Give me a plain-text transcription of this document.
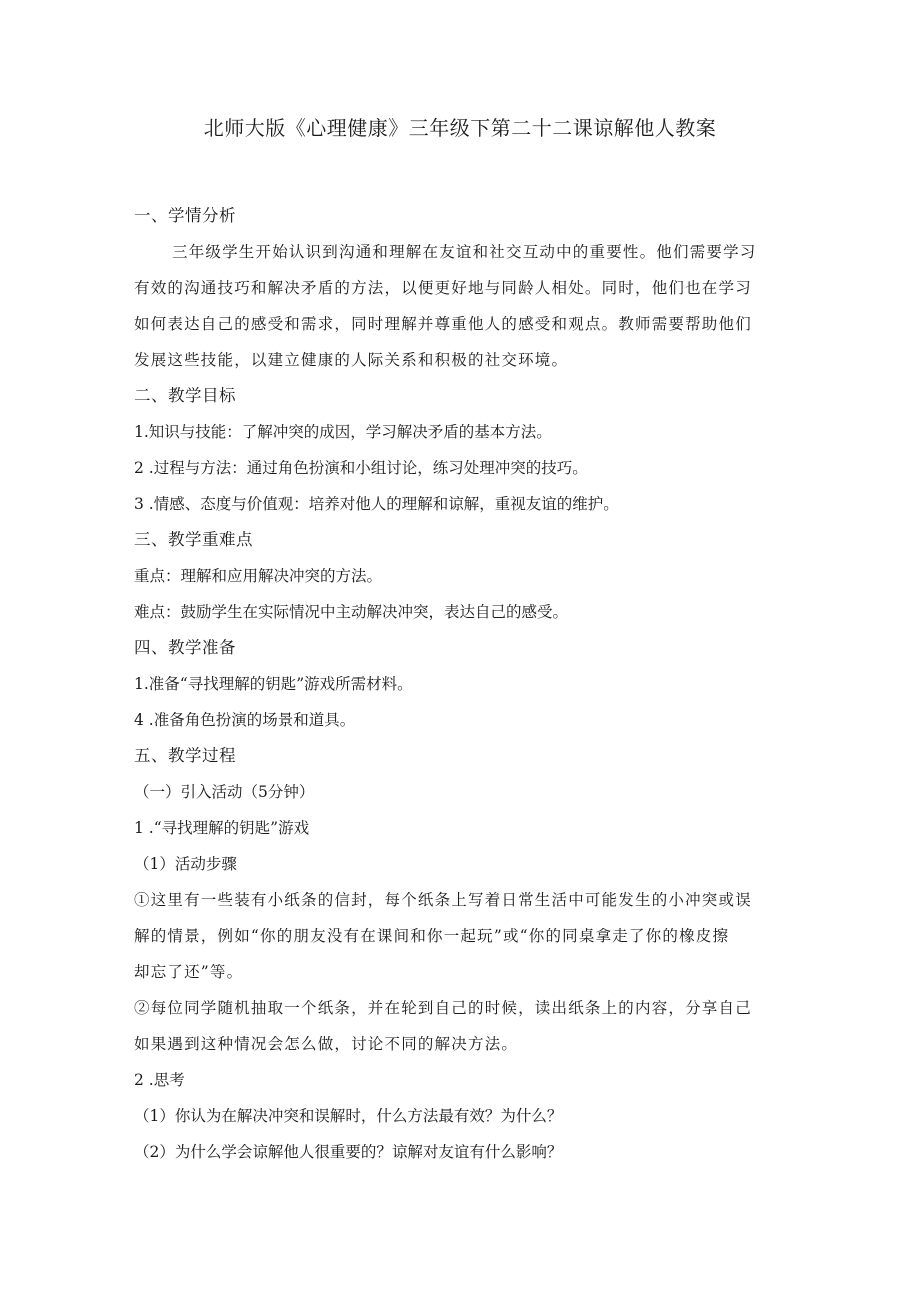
北师大版《心理健康》三年级下第二十二课谅解他人教案
一、学情分析
三年级学生开始认识到沟通和理解在友谊和社交互动中的重要性。他们需要学习
有效的沟通技巧和解决矛盾的方法，以便更好地与同龄人相处。同时，他们也在学习
如何表达自己的感受和需求，同时理解并尊重他人的感受和观点。教师需要帮助他们
发展这些技能，以建立健康的人际关系和积极的社交环境。
二、教学目标
1.知识与技能：了解冲突的成因，学习解决矛盾的基本方法。
2 .过程与方法：通过角色扮演和小组讨论，练习处理冲突的技巧。
3 .情感、态度与价值观：培养对他人的理解和谅解，重视友谊的维护。
三、教学重难点
重点：理解和应用解决冲突的方法。
难点：鼓励学生在实际情况中主动解决冲突，表达自己的感受。
四、教学准备
1.准备“寻找理解的钥匙”游戏所需材料。
4 .准备角色扮演的场景和道具。
五、教学过程
（一）引入活动（5分钟）
1 .“寻找理解的钥匙”游戏
（1）活动步骤
①这里有一些装有小纸条的信封，每个纸条上写着日常生活中可能发生的小冲突或误
解的情景，例如“你的朋友没有在课间和你一起玩”或“你的同桌拿走了你的橡皮擦
却忘了还”等。
②每位同学随机抽取一个纸条，并在轮到自己的时候，读出纸条上的内容，分享自己
如果遇到这种情况会怎么做，讨论不同的解决方法。
2 .思考
（1）你认为在解决冲突和误解时，什么方法最有效？为什么？
（2）为什么学会谅解他人很重要的？谅解对友谊有什么影响？
